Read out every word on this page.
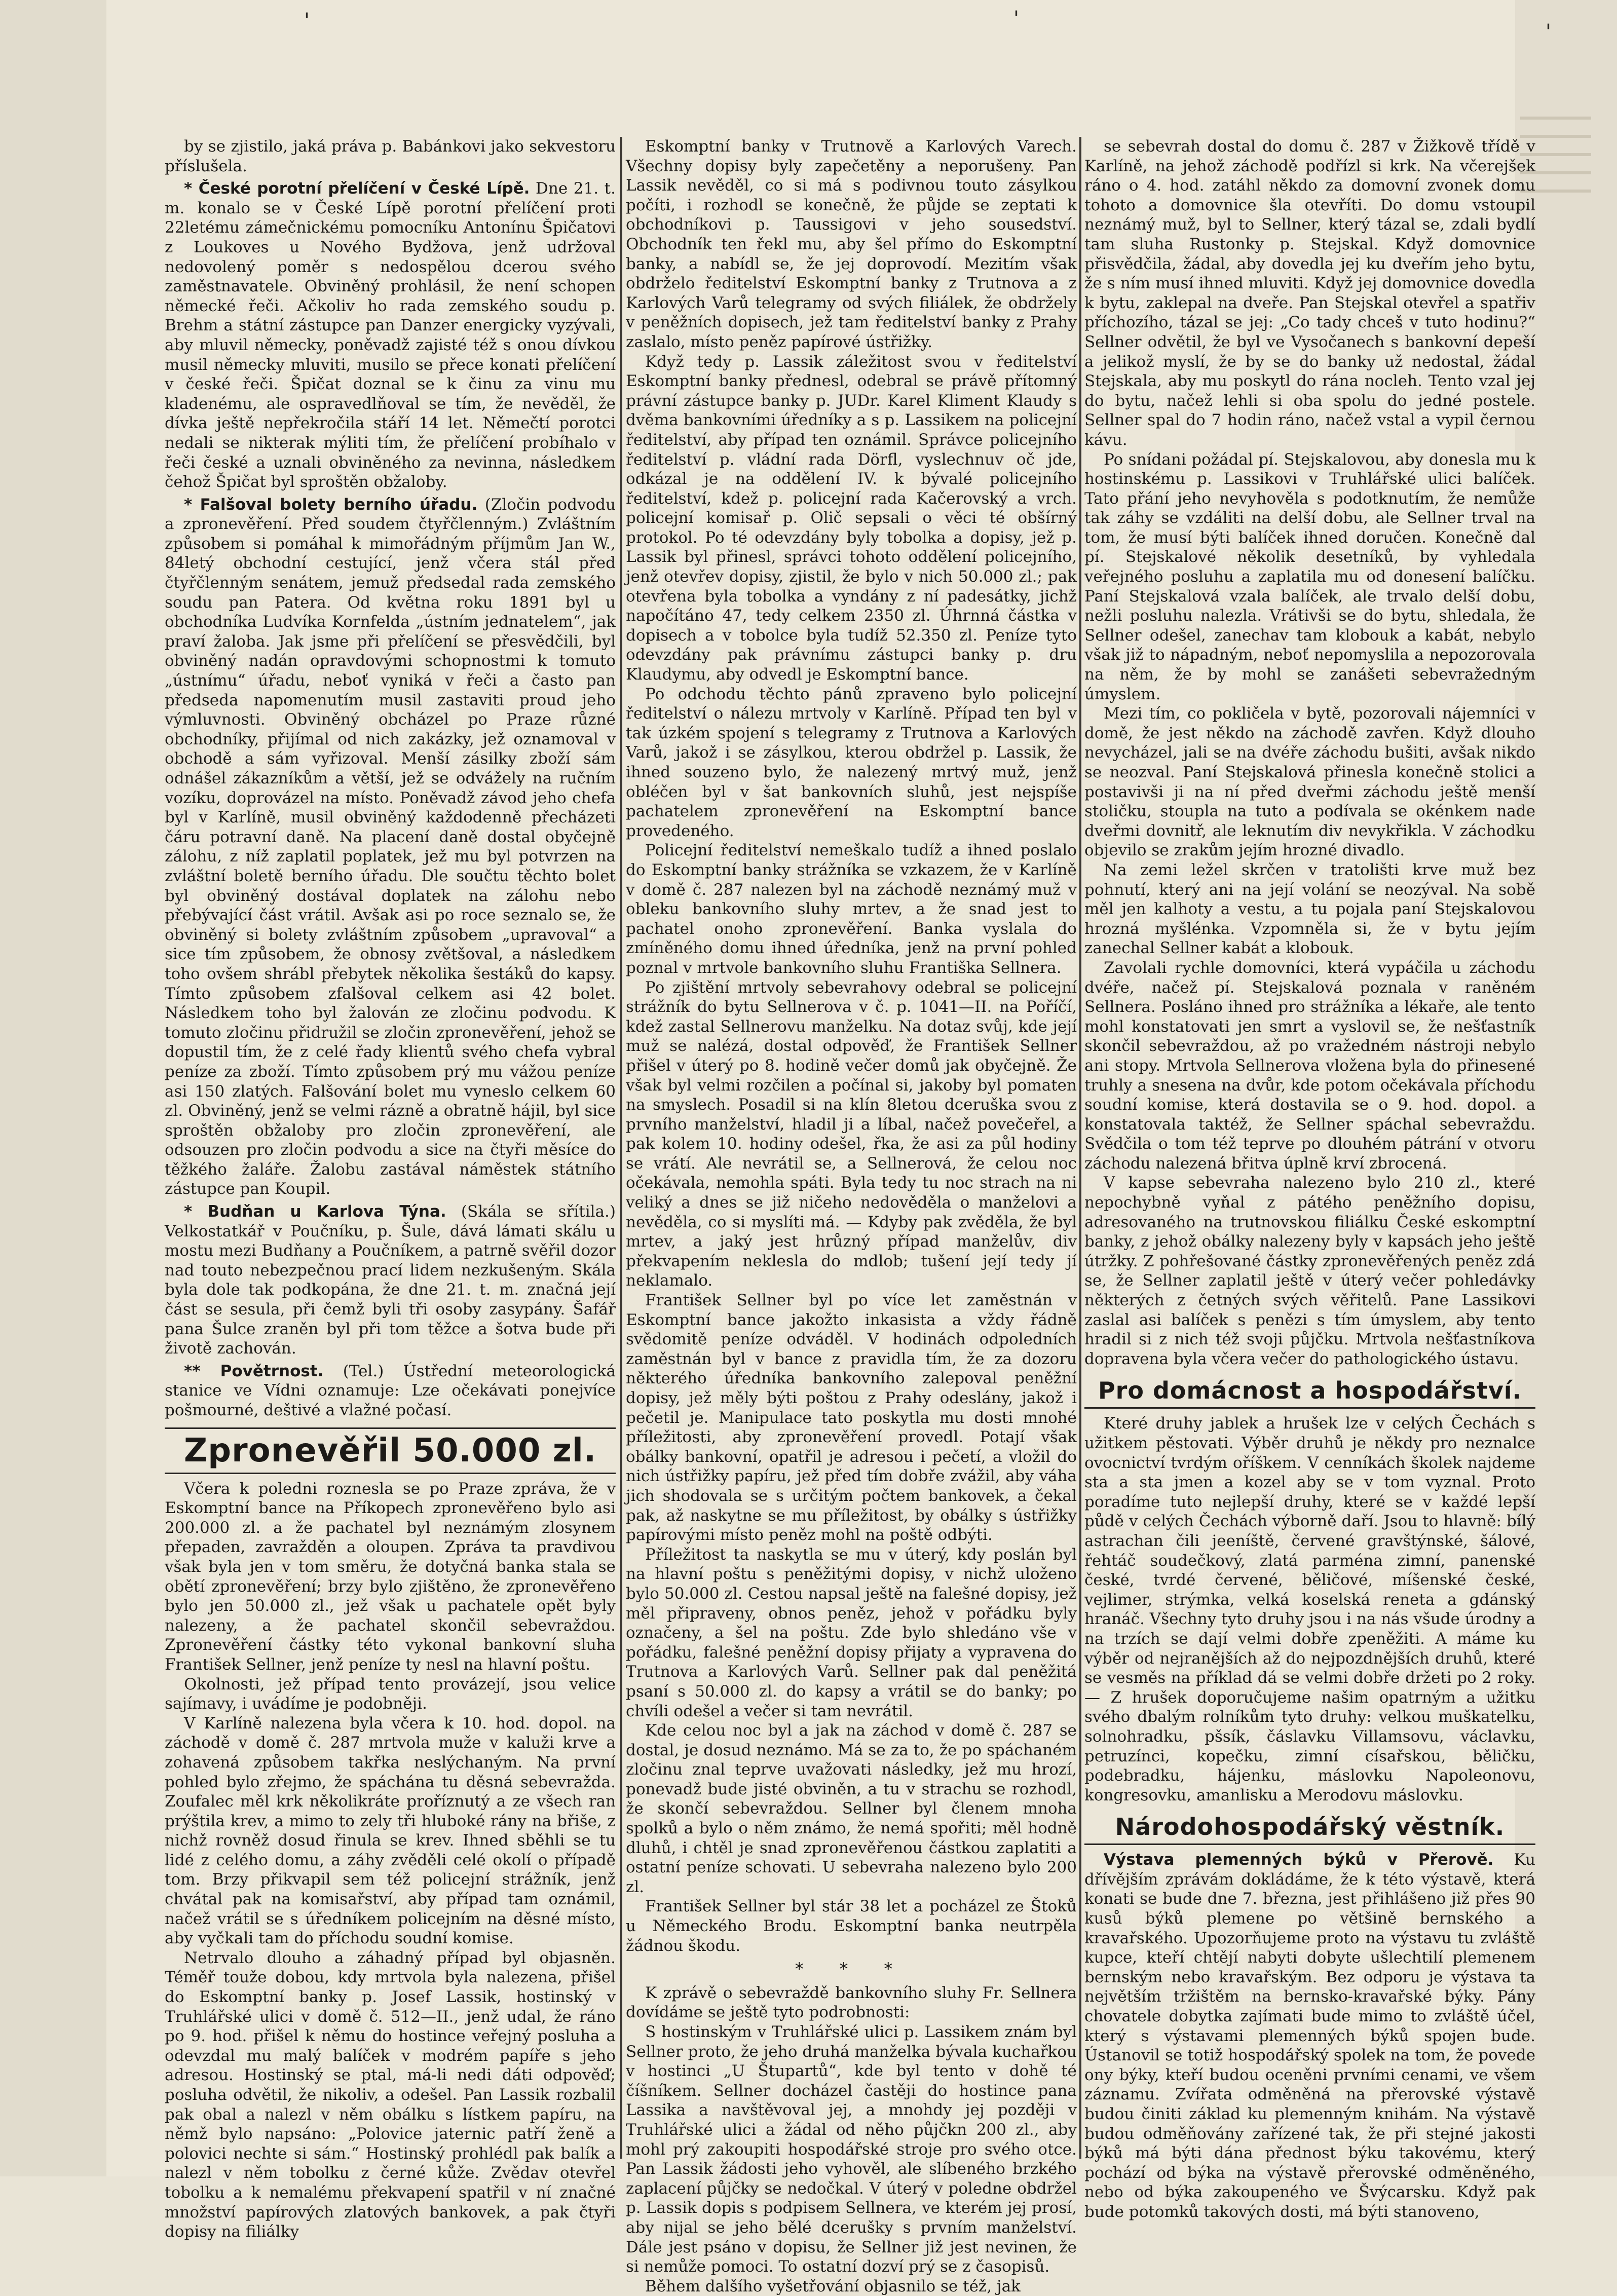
'	'
'

by se zjistilo, jaká práva p. Babánkovi jako sekvestoru příslušela.

* České porotní přelíčení v České Lípě. Dne 21. t. m. konalo se v České Lípě porotní přelíčení proti 22letému zámečnickému pomocníku Antonínu Špičatovi z Loukoves u Nového Bydžova, jenž udržoval nedovolený poměr s nedospělou dcerou svého zaměstnavatele. Obviněný prohlásil, že není schopen německé řeči. Ačkoliv ho rada zemského soudu p. Brehm a státní zástupce pan Danzer energicky vyzývali, aby mluvil německy, poněvadž zajisté též s onou dívkou musil německy mluviti, musilo se přece konati přelíčení v české řeči. Špičat doznal se k činu za vinu mu kladenému, ale ospravedlňoval se tím, že nevěděl, že dívka ještě nepřekročila stáří 14 let. Němečtí porotci nedali se nikterak mýliti tím, že přelíčení probíhalo v řeči české a uznali obviněného za nevinna, následkem čehož Špičat byl sproštěn obžaloby.

* Falšoval bolety berního úřadu. (Zločin podvodu a zpronevěření. Před soudem čtyřčlenným.) Zvláštním způsobem si pomáhal k mimořádným příjmům Jan W., 84letý obchodní cestující, jenž včera stál před čtyřčlenným senátem, jemuž předsedal rada zemského soudu pan Patera. Od května roku 1891 byl u obchodníka Ludvíka Kornfelda „ústním jednatelem“, jak praví žaloba. Jak jsme při přelíčení se přesvědčili, byl obviněný nadán opravdovými schopnostmi k tomuto „ústnímu“ úřadu, neboť vyniká v řeči a často pan předseda napomenutím musil zastaviti proud jeho výmluvnosti. Obviněný obcházel po Praze různé obchodníky, přijímal od nich zakázky, jež oznamoval v obchodě a sám vyřizoval. Menší zásilky zboží sám odnášel zákazníkům a větší, jež se odvážely na ručním vozíku, doprovázel na místo. Poněvadž závod jeho chefa byl v Karlíně, musil obviněný každodenně přecházeti čáru potravní daně. Na placení daně dostal obyčejně zálohu, z níž zaplatil poplatek, jež mu byl potvrzen na zvláštní boletě berního úřadu. Dle součtu těchto bolet byl obviněný dostával doplatek na zálohu nebo přebývající část vrátil. Avšak asi po roce seznalo se, že obviněný si bolety zvláštním způsobem „upravoval“ a sice tím způsobem, že obnosy zvětšoval, a následkem toho ovšem shrábl přebytek několika šestáků do kapsy. Tímto způsobem zfalšoval celkem asi 42 bolet. Následkem toho byl žalován ze zločinu podvodu. K tomuto zločinu přidružil se zločin zpronevěření, jehož se dopustil tím, že z celé řady klientů svého chefa vybral peníze za zboží. Tímto způsobem prý mu vážou peníze asi 150 zlatých. Falšování bolet mu vyneslo celkem 60 zl. Obviněný, jenž se velmi rázně a obratně hájil, byl sice sproštěn obžaloby pro zločin zpronevěření, ale odsouzen pro zločin podvodu a sice na čtyři měsíce do těžkého žaláře. Žalobu zastával náměstek státního zástupce pan Koupil.

* Budňan u Karlova Týna. (Skála se sřítila.) Velkostatkář v Poučníku, p. Šule, dává lámati skálu u mostu mezi Budňany a Poučníkem, a patrně svěřil dozor nad touto nebezpečnou prací lidem nezkušeným. Skála byla dole tak podkopána, že dne 21. t. m. značná její část se sesula, při čemž byli tři osoby zasypány. Šafář pana Šulce zraněn byl při tom těžce a šotva bude při životě zachován.

** Povětrnost. (Tel.) Ústřední meteorologická stanice ve Vídni oznamuje: Lze očekávati ponejvíce pošmourné, deštivé a vlažné počasí.

Zpronevěřil 50.000 zl.

Včera k poledni roznesla se po Praze zpráva, že v Eskomptní bance na Příkopech zpronevěřeno bylo asi 200.000 zl. a že pachatel byl neznámým zlosynem přepaden, zavražděn a oloupen. Zpráva ta pravdivou však byla jen v tom směru, že dotyčná banka stala se obětí zpronevěření; brzy bylo zjištěno, že zpronevěřeno bylo jen 50.000 zl., jež však u pachatele opět byly nalezeny, a že pachatel skončil sebevraždou. Zpronevěření částky této vykonal bankovní sluha František Sellner, jenž peníze ty nesl na hlavní poštu.

Okolnosti, jež případ tento provázejí, jsou velice sajímavy, i uvádíme je podobněji.

V Karlíně nalezena byla včera k 10. hod. dopol. na záchodě v domě č. 287 mrtvola muže v kaluži krve a zohavená způsobem takřka neslýchaným. Na první pohled bylo zřejmo, že spáchána tu děsná sebevražda. Zoufalec měl krk několikráte proříznutý a ze všech ran prýštila krev, a mimo to zely tři hluboké rány na břiše, z nichž rovněž dosud řinula se krev. Ihned sběhli se tu lidé z celého domu, a záhy zvěděli celé okolí o případě tom. Brzy přikvapil sem též policejní strážník, jenž chvátal pak na komisařství, aby případ tam oznámil, načež vrátil se s úředníkem policejním na děsné místo, aby vyčkali tam do příchodu soudní komise.

Netrvalo dlouho a záhadný případ byl objasněn. Téměř touže dobou, kdy mrtvola byla nalezena, přišel do Eskomptní banky p. Josef Lassik, hostinský v Truhlářské ulici v domě č. 512—II., jenž udal, že ráno po 9. hod. přišel k němu do hostince veřejný posluha a odevzdal mu malý balíček v modrém papíře s jeho adresou. Hostinský se ptal, má-li nedi dáti odpověď; posluha odvětil, že nikoliv, a odešel. Pan Lassik rozbalil pak obal a nalezl v něm obálku s lístkem papíru, na němž bylo napsáno: „Polovice jaternic patří ženě a polovici nechte si sám.“ Hostinský prohlédl pak balík a nalezl v něm tobolku z černé kůže. Zvědav otevřel tobolku a k nemalému překvapení spatřil v ní značné množství papírových zlatových bankovek, a pak čtyři dopisy na filiálky

Eskomptní banky v Trutnově a Karlových Varech. Všechny dopisy byly zapečetěny a neporušeny. Pan Lassik nevěděl, co si má s podivnou touto zásylkou počíti, i rozhodl se konečně, že půjde se zeptati k obchodníkovi p. Taussigovi v jeho sousedství. Obchodník ten řekl mu, aby šel přímo do Eskomptní banky, a nabídl se, že jej doprovodí. Mezitím však obdrželo ředitelství Eskomptní banky z Trutnova a z Karlových Varů telegramy od svých filiálek, že obdržely v peněžních dopisech, jež tam ředitelství banky z Prahy zaslalo, místo peněz papírové ústřižky.

Když tedy p. Lassik záležitost svou v ředitelství Eskomptní banky přednesl, odebral se právě přítomný právní zástupce banky p. JUDr. Karel Kliment Klaudy s dvěma bankovními úředníky a s p. Lassikem na policejní ředitelství, aby případ ten oznámil. Správce policejního ředitelství p. vládní rada Dörfl, vyslechnuv oč jde, odkázal je na oddělení IV. k bývalé policejního ředitelství, kdež p. policejní rada Kačerovský a vrch. policejní komisař p. Olič sepsali o věci té obšírný protokol. Po té odevzdány byly tobolka a dopisy, jež p. Lassik byl přinesl, správci tohoto oddělení policejního, jenž otevřev dopisy, zjistil, že bylo v nich 50.000 zl.; pak otevřena byla tobolka a vyndány z ní padesátky, jichž napočítáno 47, tedy celkem 2350 zl. Úhrnná částka v dopisech a v tobolce byla tudíž 52.350 zl. Peníze tyto odevzdány pak právnímu zástupci banky p. dru Klaudymu, aby odvedl je Eskomptní bance.

Po odchodu těchto pánů zpraveno bylo policejní ředitelství o nálezu mrtvoly v Karlíně. Případ ten byl v tak úzkém spojení s telegramy z Trutnova a Karlových Varů, jakož i se zásylkou, kterou obdržel p. Lassik, že ihned souzeno bylo, že nalezený mrtvý muž, jenž obléčen byl v šat bankovních sluhů, jest nejspíše pachatelem zpronevěření na Eskomptní bance provedeného.

Policejní ředitelství nemeškalo tudíž a ihned poslalo do Eskomptní banky strážníka se vzkazem, že v Karlíně v domě č. 287 nalezen byl na záchodě neznámý muž v oblеku bankovního sluhy mrtev, a že snad jest to pachatel onoho zpronevěření. Banka vyslala do zmíněného domu ihned úředníka, jenž na první pohled poznal v mrtvole bankovního sluhu Františka Sellnera.

Po zjištění mrtvoly sebevrahovy odebral se policejní strážník do bytu Sellnerova v č. p. 1041—II. na Poříčí, kdež zastal Sellnerovu manželku. Na dotaz svůj, kde její muž se nalézá, dostal odpověď, že František Sellner přišel v úterý po 8. hodině večer domů jak obyčejně. Že však byl velmi rozčilen a počínal si, jakoby byl pomaten na smyslech. Posadil si na klín 8letou dceruška svou z prvního manželství, hladil ji a líbal, načež povečeřel, a pak kolem 10. hodiny odešel, řka, že asi za půl hodiny se vrátí. Ale nevrátil se, a Sellnerová, že celou noc očekávala, nemohla spáti. Byla tedy tu noc strach na ni veliký a dnes se již ničeho nedověděla o manželovi a nevěděla, co si myslíti má. — Kdyby pak zvěděla, že byl mrtev, a jaký jest hrůzný případ manželův, div překvapením neklesla do mdlob; tušení její tedy jí neklamalo.

František Sellner byl po více let zaměstnán v Eskomptní bance jakožto inkasista a vždy řádně svědomitě peníze odváděl. V hodinách odpoledních zaměstnán byl v bance z pravidla tím, že za dozoru některého úředníka bankovního zalepoval peněžní dopisy, jež měly býti poštou z Prahy odeslány, jakož i pečetil je. Manipulace tato poskytla mu dosti mnohé příležitosti, aby zpronevěření provedl. Potají však obálky bankovní, opatřil je adresou i pečetí, a vložil do nich ústřižky papíru, jež před tím dobře zvážil, aby váha jich shodovala se s určitým počtem bankovek, a čekal pak, až naskytne se mu příležitost, by obálky s ústřižky papírovými místo peněz mohl na poště odbýti.

Příležitost ta naskytla se mu v úterý, kdy poslán byl na hlavní poštu s peněžitými dopisy, v nichž uloženo bylo 50.000 zl. Cestou napsal ještě na falešné dopisy, jež měl připraveny, obnos peněz, jehož v pořádku byly označeny, a šel na poštu. Zde bylo shledáno vše v pořádku, falešné peněžní dopisy přijaty a vypravena do Trutnova a Karlových Varů. Sellner pak dal peněžitá psaní s 50.000 zl. do kapsy a vrátil se do banky; po chvíli odešel a večer si tam nevrátil.

Kde celou noc byl a jak na záchod v domě č. 287 se dostal, je dosud neznámo. Má se za to, že po spáchaném zločinu znal teprve uvažovati následky, jež mu hrozí, ponevadž bude jisté obviněn, a tu v strachu se rozhodl, že skončí sebevraždou. Sellner byl členem mnoha spolků a bylo o něm známo, že nemá spořiti; měl hodně dluhů, i chtěl je snad zpronevěřenou částkou zaplatiti a ostatní peníze schovati. U sebevraha nalezeno bylo 200 zl.

František Sellner byl stár 38 let a pocházel ze Štoků u Německého Brodu. Eskomptní banka neutrpěla žádnou škodu.

* * *

K zprávě o sebevraždě bankovního sluhy Fr. Sellnera dovídáme se ještě tyto podrobnosti:

S hostinským v Truhlářské ulici p. Lassikem znám byl Sellner proto, že jeho druhá manželka bývala kuchařkou v hostinci „U Štupartů“, kde byl tento v dohě té číšníkem. Sellner docházel častěji do hostince pana Lassika a navštěvoval jej, a mnohdy jej později v Truhlářské ulici a žádal od něho půjčkn 200 zl., aby mohl prý zakoupiti hospodářské stroje pro svého otce. Pan Lassik žádosti jeho vyhověl, ale slíbeného brzkého zaplacení půjčky se nedočkal. V úterý v poledne obdržel p. Lassik dopis s podpisem Sellnera, ve kterém jej prosí, aby nijal se jeho bělé dcerušky s prvním manželství. Dále jest psáno v dopisu, že Sellner již jest nevinen, že si nemůže pomoci. To ostatní dozví prý se z časopisů.

Během dalšího vyšetřování objasnilo se též, jak

se sebevrah dostal do domu č. 287 v Žižkově třídě v Karlíně, na jehož záchodě podřízl si krk. Na včerejšek ráno o 4. hod. zatáhl někdo za domovní zvonek domu tohoto a domovnice šla otevříti. Do domu vstoupil neznámý muž, byl to Sellner, který tázal se, zdali bydlí tam sluha Rustonky p. Stejskal. Když domovnice přisvědčila, žádal, aby dovedla jej ku dveřím jeho bytu, že s ním musí ihned mluviti. Když jej domovnice dovedla k bytu, zaklepal na dveře. Pan Stejskal otevřel a spatřiv příchozího, tázal se jej: „Co tady chceš v tuto hodinu?“ Sellner odvětil, že byl ve Vysočanech s bankovní depeší a jelikož myslí, že by se do banky už nedostal, žádal Stejskala, aby mu poskytl do rána nocleh. Tento vzal jej do bytu, načež lehli si oba spolu do jedné postele. Sellner spal do 7 hodin ráno, načež vstal a vypil černou kávu.

Po snídani požádal pí. Stejskalovou, aby donesla mu k hostinskému p. Lassikovi v Truhlářské ulici balíček. Tato přání jeho nevyhověla s podotknutím, že nemůže tak záhy se vzdáliti na delší dobu, ale Sellner trval na tom, že musí býti balíček ihned doručen. Konečně dal pí. Stejskalové několik desetníků, by vyhledala veřejného posluhu a zaplatila mu od donesení balíčku. Paní Stejskalová vzala balíček, ale trvalo delší dobu, nežli posluhu nalezla. Vrátivši se do bytu, shledala, že Sellner odešel, zanechav tam klobouk a kabát, nebylo však již to nápadným, neboť nepomyslila a nepozorovala na něm, že by mohl se zanášeti sebevražedným úmyslem.

Mezi tím, co pokličela v bytě, pozorovali nájemníci v domě, že jest někdo na záchodě zavřen. Když dlouho nevycházel, jali se na dvéře záchodu bušiti, avšak nikdo se neozval. Paní Stejskalová přinesla konečně stolici a postavivši ji na ní před dveřmi záchodu ještě menší stoličku, stoupla na tuto a podívala se okénkem nade dveřmi dovnitř, ale leknutím div nevykřikla. V záchodku objevilo se zrakům jejím hrozné divadlo.

Na zemi ležel skrčen v tratolišti krve muž bez pohnutí, který ani na její volání se neozýval. Na sobě měl jen kalhoty a vestu, a tu pojala paní Stejskalovou hrozná myšlénka. Vzpomněla si, že v bytu jejím zanechal Sellner kabát a klobouk.

Zavolali rychle domovníci, která vypáčila u záchodu dvéře, načež pí. Stejskalová poznala v raněném Sellnera. Posláno ihned pro strážníka a lékaře, ale tento mohl konstatovati jen smrt a vyslovil se, že nešťastník skončil sebevraždou, až po vražedném nástroji nebylo ani stopy. Mrtvola Sellnerova vložena byla do přinesené truhly a snesena na dvůr, kde potom očekávala příchodu soudní komise, která dostavila se o 9. hod. dopol. a konstatovala taktéž, že Sellner spáchal sebevraždu. Svědčila o tom též teprve po dlouhém pátrání v otvoru záchodu nalezená břitva úplně krví zbrocená.

V kapse sebevraha nalezeno bylo 210 zl., které nepochybně vyňal z pátého peněžního dopisu, adresovaného na trutnovskou filiálku České eskomptní banky, z jehož obálky nalezeny byly v kapsách jeho ještě útržky. Z pohřešované částky zpronevěřených peněz zdá se, že Sellner zaplatil ještě v úterý večer pohledávky některých z četných svých věřitelů. Pane Lassikovi zaslal asi balíček s penězi s tím úmyslem, aby tento hradil si z nich též svoji půjčku. Mrtvola nešťastníkova dopravena byla včera večer do pathologického ústavu.

Pro domácnost a hospodářství.

Které druhy jablek a hrušek lze v celých Čechách s užitkem pěstovati. Výběr druhů je někdy pro neznalce ovocnictví tvrdým oříškem. V cenníkách školek najdeme sta a sta jmen a kozel aby se v tom vyznal. Proto poradíme tuto nejlepší druhy, které se v každé lepší půdě v celých Čechách výborně daří. Jsou to hlavně: bílý astrachan čili jeeníště, červené gravštýnské, šálové, řehtáč soudečkový, zlatá parména zimní, panenské české, tvrdé červené, běličové, míšenské české, vejlimer, strýmka, velká koselská reneta a gdánský hranáč. Všechny tyto druhy jsou i na nás všude úrodny a na trzích se dají velmi dobře zpeněžiti. A máme ku výběr od nejranějších až do nejpozdnějších druhů, které se vesměs na příklad dá se velmi dobře držeti po 2 roky. — Z hrušek doporučujeme našim opatrným a užitku svého dbalým rolníkům tyto druhy: velkou muškatelku, solnohradku, pšsík, čáslavku Villamsovu, václavku, petruzínci, kopečku, zimní císařskou, běličku, podebradku, hájenku, máslovku Napoleonovu, kongresovku, amanlisku a Merodovu máslovku.

Národohospodářský věstník.

Výstava plemenných býků v Přerově. Ku dřívějším zprávám dokládáme, že k této výstavě, která konati se bude dne 7. března, jest přihlášeno již přes 90 kusů býků plemene po většině bernského a kravařského. Upozorňujeme proto na výstavu tu zvláště kupce, kteří chtějí nabyti dobyte ušlechtilí plemenem bernským nebo kravařským. Bez odporu je výstava ta největším tržištěm na bernsko-kravařské býky. Pány chovatele dobytka zajímati bude mimo to zvláště účel, který s výstavami plemenných býků spojen bude. Ústanovil se totiž hospodářský spolek na tom, že povede ony býky, kteří budou oceněni prvními cenami, ve všem záznamu. Zvířata odměněná na přerovské výstavě budou činiti základ ku plemenným knihám. Na výstavě budou odměňovány zařízené tak, že při stejné jakosti býků má býti dána přednost býku takovému, který pochází od býka na výstavě přerovské odměněného, nebo od býka zakoupeného ve Švýcarsku. Když pak bude potomků takových dosti, má býti stanoveno,
